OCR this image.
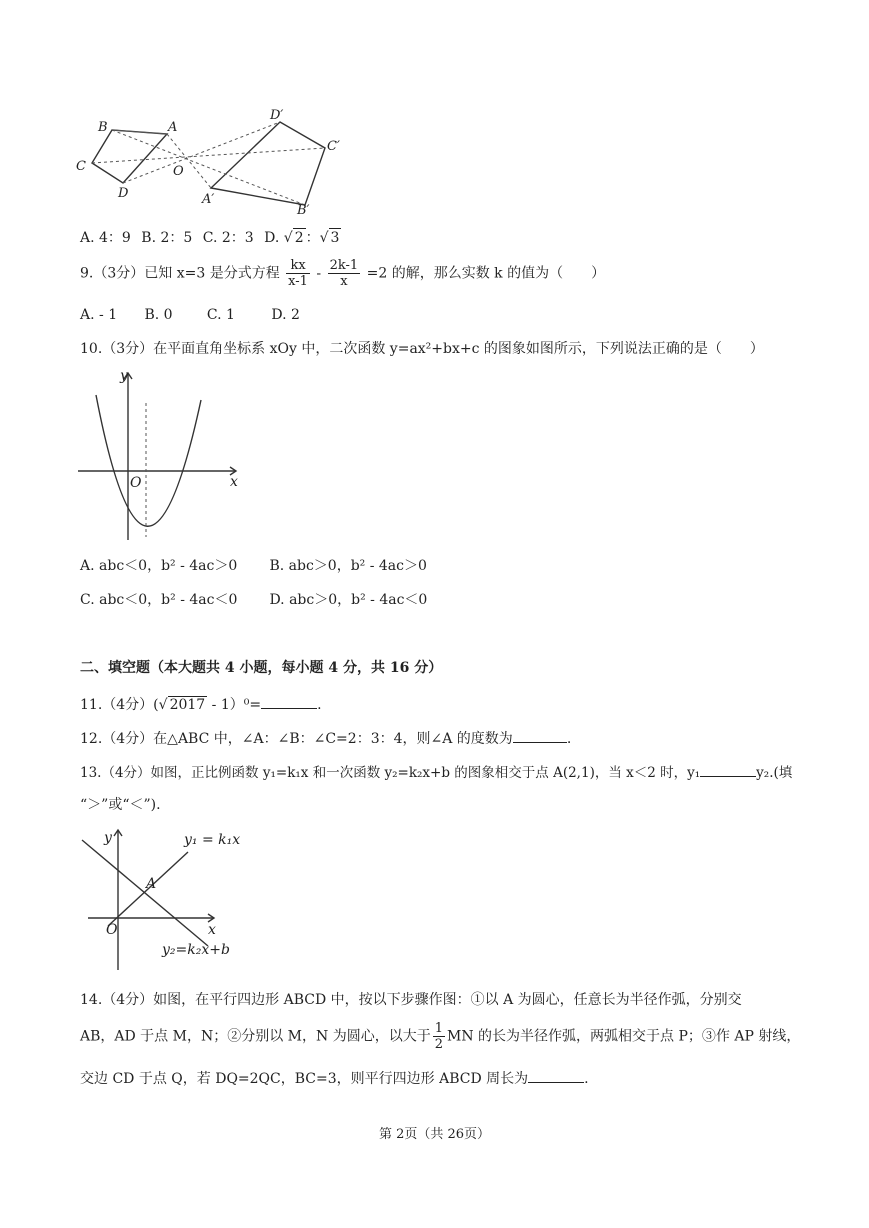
B	A
C	O
D
D′
C′
A′
B′
A. 4：9 B. 2：5 C. 2：3 D. √ 2 ：√ 3
9.（3分）已知 x=3 是分式方程 $\frac{kx}{x-1} - \frac{2k-1}{x} =2$ 的解，那么实数 k 的值为（　　）
A. - 1 B. 0 C. 1	D. 2
10.（3分）在平面直角坐标系 xOy 中，二次函数 y=ax²+bx+c 的图象如图所示，下列说法正确的是（　　）
y
x
O
A. abc＜0，b² - 4ac＞0 B. abc＞0，b² - 4ac＞0
C. abc＜0，b² - 4ac＜0 D. abc＞0，b² - 4ac＜0
二、填空题（本大题共 4 小题，每小题 4 分，共 16 分）
11.（4分）(√ 2017 - 1）⁰=	.
12.（4分）在△ABC 中，∠A：∠B：∠C=2：3：4，则∠A 的度数为	.
13.（4分）如图，正比例函数 y₁=k₁x 和一次函数 y₂=k₂x+b 的图象相交于点 A(2,1)，当 x＜2 时，y₁	y₂.(填
“＞”或“＜”).
y
x
O
A
y₁ = k₁x
y₂=k₂x+b
14.（4分）如图，在平行四边形 ABCD 中，按以下步骤作图：①以 A 为圆心，任意长为半径作弧，分别交
AB，AD 于点 M，N；②分别以 M，N 为圆心，以大于 $\frac{1}{2}$ MN 的长为半径作弧，两弧相交于点 P；③作 AP 射线，
交边 CD 于点 Q，若 DQ=2QC，BC=3，则平行四边形 ABCD 周长为	.
第 2页（共 26页）
